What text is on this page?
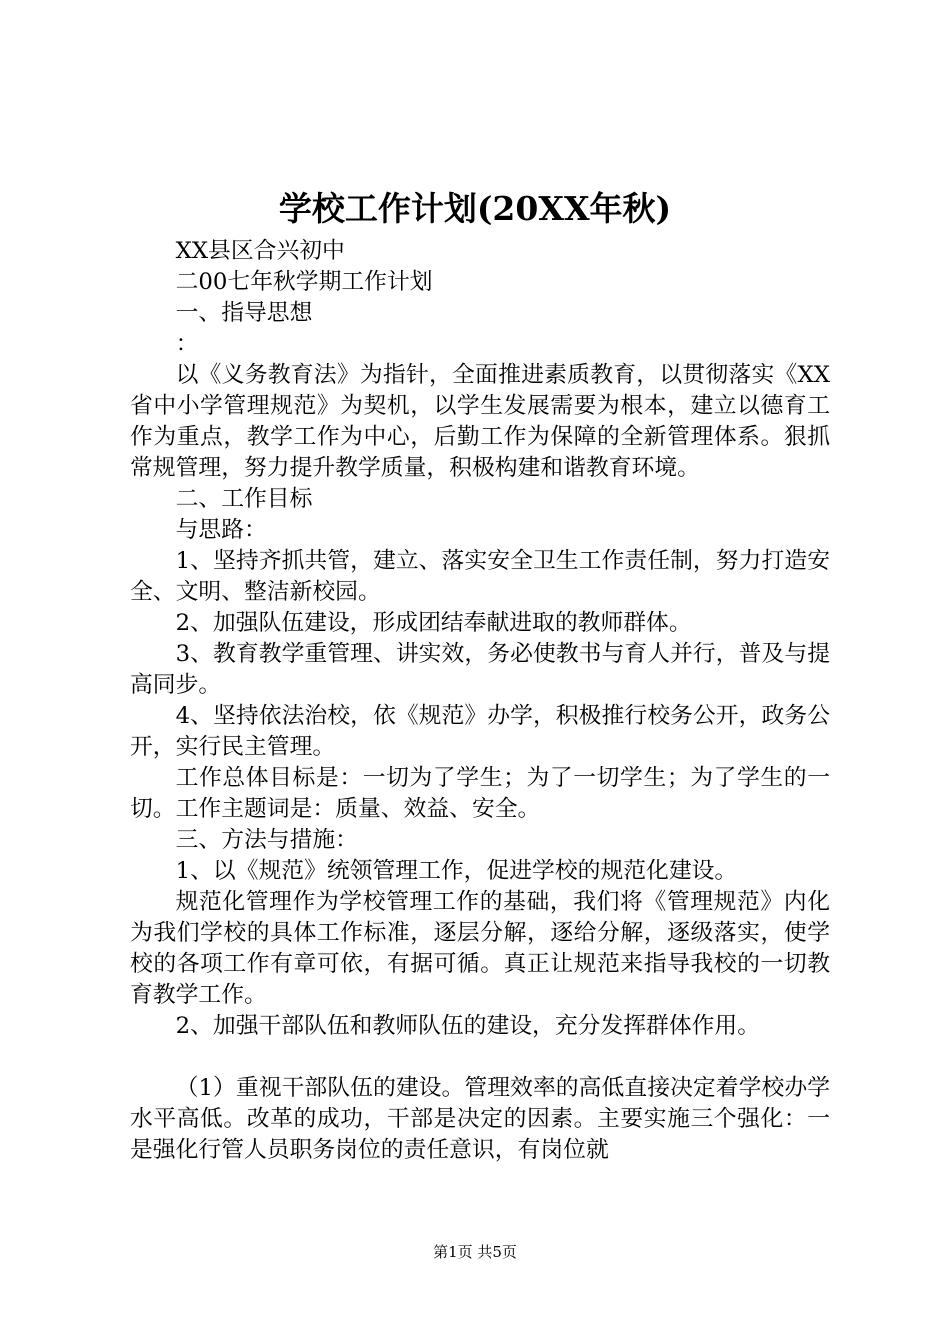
学校工作计划(20XX年秋)

XX县区合兴初中

二00七年秋学期工作计划

一、指导思想

：

以《义务教育法》为指针，全面推进素质教育，以贯彻落实《XX省中小学管理规范》为契机，以学生发展需要为根本，建立以德育工作为重点，教学工作为中心，后勤工作为保障的全新管理体系。狠抓常规管理，努力提升教学质量，积极构建和谐教育环境。

二、工作目标

与思路：

1、坚持齐抓共管，建立、落实安全卫生工作责任制，努力打造安全、文明、整洁新校园。

2、加强队伍建设，形成团结奉献进取的教师群体。

3、教育教学重管理、讲实效，务必使教书与育人并行，普及与提高同步。

4、坚持依法治校，依《规范》办学，积极推行校务公开，政务公开，实行民主管理。

工作总体目标是：一切为了学生；为了一切学生；为了学生的一切。工作主题词是：质量、效益、安全。

三、方法与措施：

1、以《规范》统领管理工作，促进学校的规范化建设。

规范化管理作为学校管理工作的基础，我们将《管理规范》内化为我们学校的具体工作标准，逐层分解，逐给分解，逐级落实，使学校的各项工作有章可依，有据可循。真正让规范来指导我校的一切教育教学工作。

2、加强干部队伍和教师队伍的建设，充分发挥群体作用。

（1）重视干部队伍的建设。管理效率的高低直接决定着学校办学水平高低。改革的成功，干部是决定的因素。主要实施三个强化：一是强化行管人员职务岗位的责任意识，有岗位就

第1页 共5页
